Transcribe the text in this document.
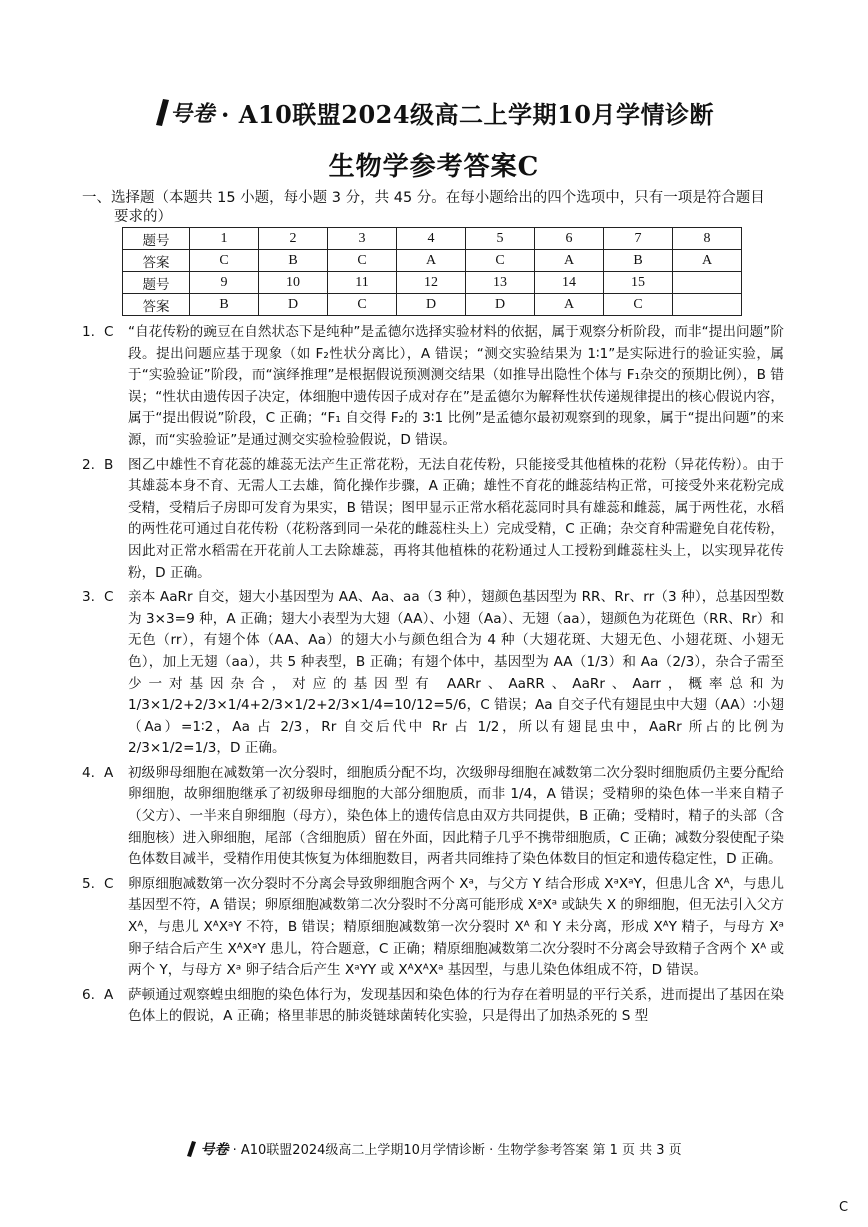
号卷 · A10联盟2024级高二上学期10月学情诊断
生物学参考答案C
一、选择题（本题共 15 小题，每小题 3 分，共 45 分。在每小题给出的四个选项中，只有一项是符合题目
要求的）
题号	1	2	3	4	5	6	7	8
答案	C	B	C	A	C	A	B	A
题号	9	10	11	12	13	14	15	
答案	B	D	C	D	D	A	C	
1. C	“自花传粉的豌豆在自然状态下是纯种”是孟德尔选择实验材料的依据，属于观察分析阶段，而非“提出问题”阶段。提出问题应基于现象（如 F₂性状分离比），A 错误；“测交实验结果为 1∶1”是实际进行的验证实验，属于“实验验证”阶段，而“演绎推理”是根据假说预测测交结果（如推导出隐性个体与 F₁杂交的预期比例），B 错误；“性状由遗传因子决定，体细胞中遗传因子成对存在”是孟德尔为解释性状传递规律提出的核心假说内容，属于“提出假说”阶段，C 正确；“F₁ 自交得 F₂的 3∶1 比例”是孟德尔最初观察到的现象，属于“提出问题”的来源，而“实验验证”是通过测交实验检验假说，D 错误。
2. B	图乙中雄性不育花蕊的雄蕊无法产生正常花粉，无法自花传粉，只能接受其他植株的花粉（异花传粉）。由于其雄蕊本身不育、无需人工去雄，简化操作步骤，A 正确；雄性不育花的雌蕊结构正常，可接受外来花粉完成受精，受精后子房即可发育为果实，B 错误；图甲显示正常水稻花蕊同时具有雄蕊和雌蕊，属于两性花，水稻的两性花可通过自花传粉（花粉落到同一朵花的雌蕊柱头上）完成受精，C 正确；杂交育种需避免自花传粉，因此对正常水稻需在开花前人工去除雄蕊，再将其他植株的花粉通过人工授粉到雌蕊柱头上，以实现异花传粉，D 正确。
3. C	亲本 AaRr 自交，翅大小基因型为 AA、Aa、aa（3 种），翅颜色基因型为 RR、Rr、rr（3 种），总基因型数为 3×3=9 种，A 正确；翅大小表型为大翅（AA）、小翅（Aa）、无翅（aa），翅颜色为花斑色（RR、Rr）和无色（rr），有翅个体（AA、Aa）的翅大小与颜色组合为 4 种（大翅花斑、大翅无色、小翅花斑、小翅无色），加上无翅（aa），共 5 种表型，B 正确；有翅个体中，基因型为 AA（1/3）和 Aa（2/3），杂合子需至少一对基因杂合，对应的基因型有 AARr、AaRR、AaRr、Aarr，概率总和为 1/3×1/2+2/3×1/4+2/3×1/2+2/3×1/4=10/12=5/6，C 错误；Aa 自交子代有翅昆虫中大翅（AA）∶小翅（Aa）=1∶2，Aa 占 2/3，Rr 自交后代中 Rr 占 1/2，所以有翅昆虫中，AaRr 所占的比例为 2/3×1/2=1/3，D 正确。
4. A	初级卵母细胞在减数第一次分裂时，细胞质分配不均，次级卵母细胞在减数第二次分裂时细胞质仍主要分配给卵细胞，故卵细胞继承了初级卵母细胞的大部分细胞质，而非 1/4，A 错误；受精卵的染色体一半来自精子（父方）、一半来自卵细胞（母方），染色体上的遗传信息由双方共同提供，B 正确；受精时，精子的头部（含细胞核）进入卵细胞，尾部（含细胞质）留在外面，因此精子几乎不携带细胞质，C 正确；减数分裂使配子染色体数目减半，受精作用使其恢复为体细胞数目，两者共同维持了染色体数目的恒定和遗传稳定性，D 正确。
5. C	卵原细胞减数第一次分裂时不分离会导致卵细胞含两个 Xᵃ，与父方 Y 结合形成 XᵃXᵃY，但患儿含 Xᴬ，与患儿基因型不符，A 错误；卵原细胞减数第二次分裂时不分离可能形成 XᵃXᵃ 或缺失 X 的卵细胞，但无法引入父方 Xᴬ，与患儿 XᴬXᵃY 不符，B 错误；精原细胞减数第一次分裂时 Xᴬ 和 Y 未分离，形成 XᴬY 精子，与母方 Xᵃ 卵子结合后产生 XᴬXᵃY 患儿，符合题意，C 正确；精原细胞减数第二次分裂时不分离会导致精子含两个 Xᴬ 或两个 Y，与母方 Xᵃ 卵子结合后产生 XᵃYY 或 XᴬXᴬXᵃ 基因型，与患儿染色体组成不符，D 错误。
6. A	萨顿通过观察蝗虫细胞的染色体行为，发现基因和染色体的行为存在着明显的平行关系，进而提出了基因在染色体上的假说，A 正确；格里菲思的肺炎链球菌转化实验，只是得出了加热杀死的 S 型
号卷 · A10联盟2024级高二上学期10月学情诊断 · 生物学参考答案 第 1 页 共 3 页
C
